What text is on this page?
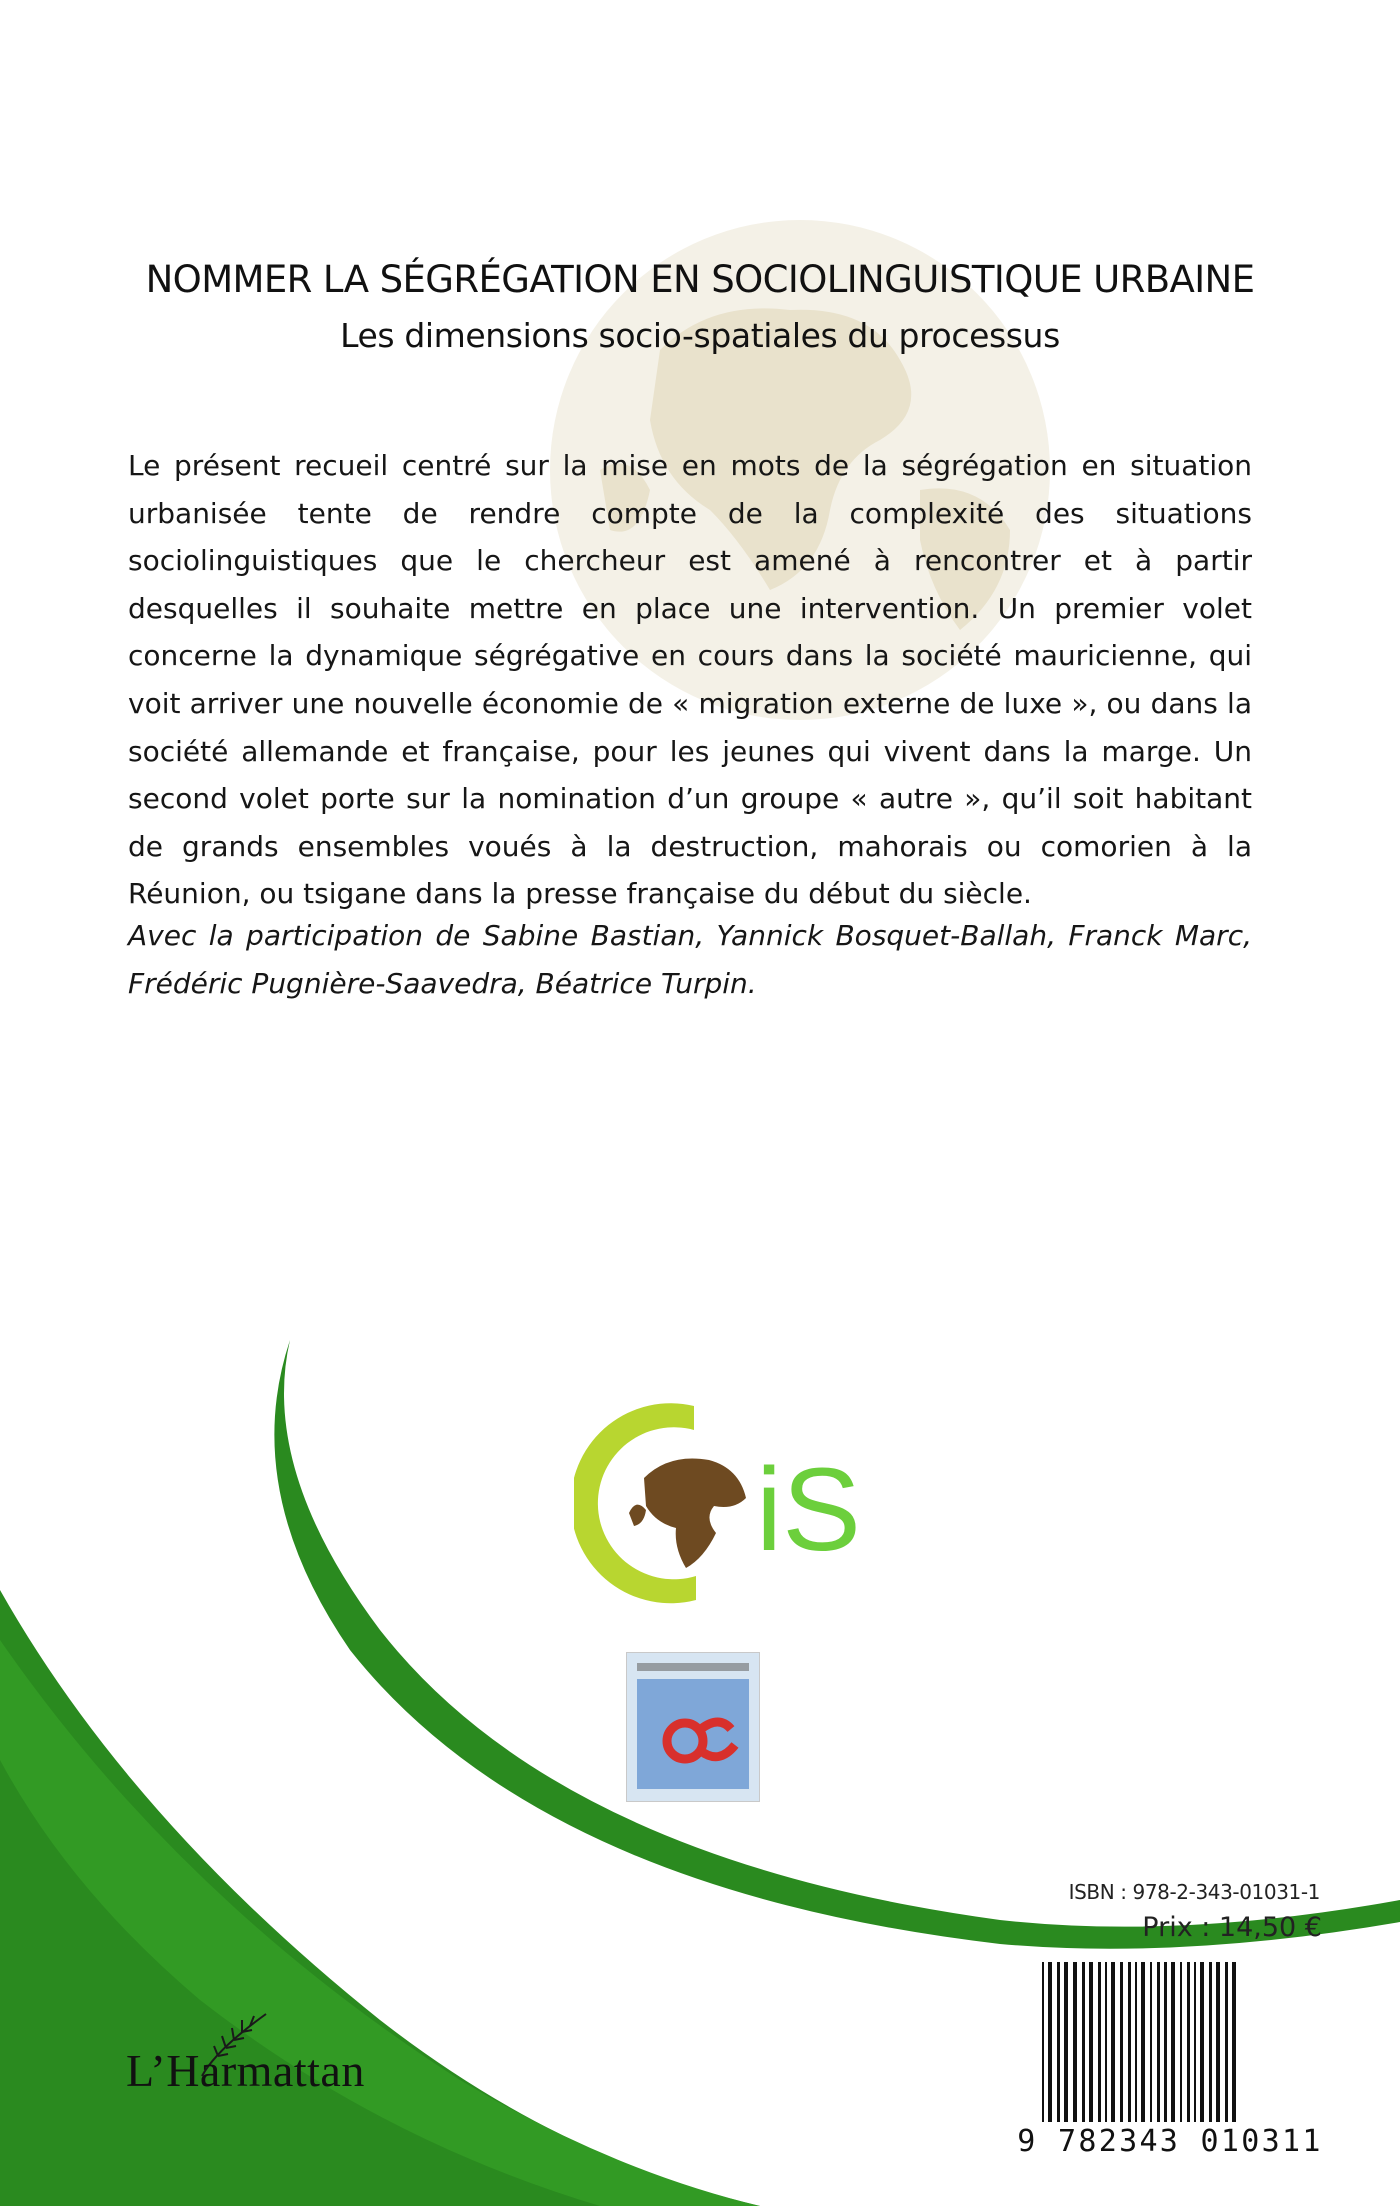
NOMMER LA SÉGRÉGATION EN SOCIOLINGUISTIQUE URBAINE
Les dimensions socio-spatiales du processus
Le présent recueil centré sur la mise en mots de la ségrégation en situation urbanisée tente de rendre compte de la complexité des situations sociolinguistiques que le chercheur est amené à rencontrer et à partir desquelles il souhaite mettre en place une intervention. Un premier volet concerne la dynamique ségrégative en cours dans la société mauricienne, qui voit arriver une nouvelle économie de « migration externe de luxe », ou dans la société allemande et française, pour les jeunes qui vivent dans la marge. Un second volet porte sur la nomination d’un groupe « autre », qu’il soit habitant de grands ensembles voués à la destruction, mahorais ou comorien à la Réunion, ou tsigane dans la presse française du début du siècle.
Avec la participation de Sabine Bastian, Yannick Bosquet-Ballah, Franck Marc, Frédéric Pugnière-Saavedra, Béatrice Turpin.
iS
ISBN : 978-2-343-01031-1
Prix : 14,50 €
9 782343 010311
L’Harmattan
